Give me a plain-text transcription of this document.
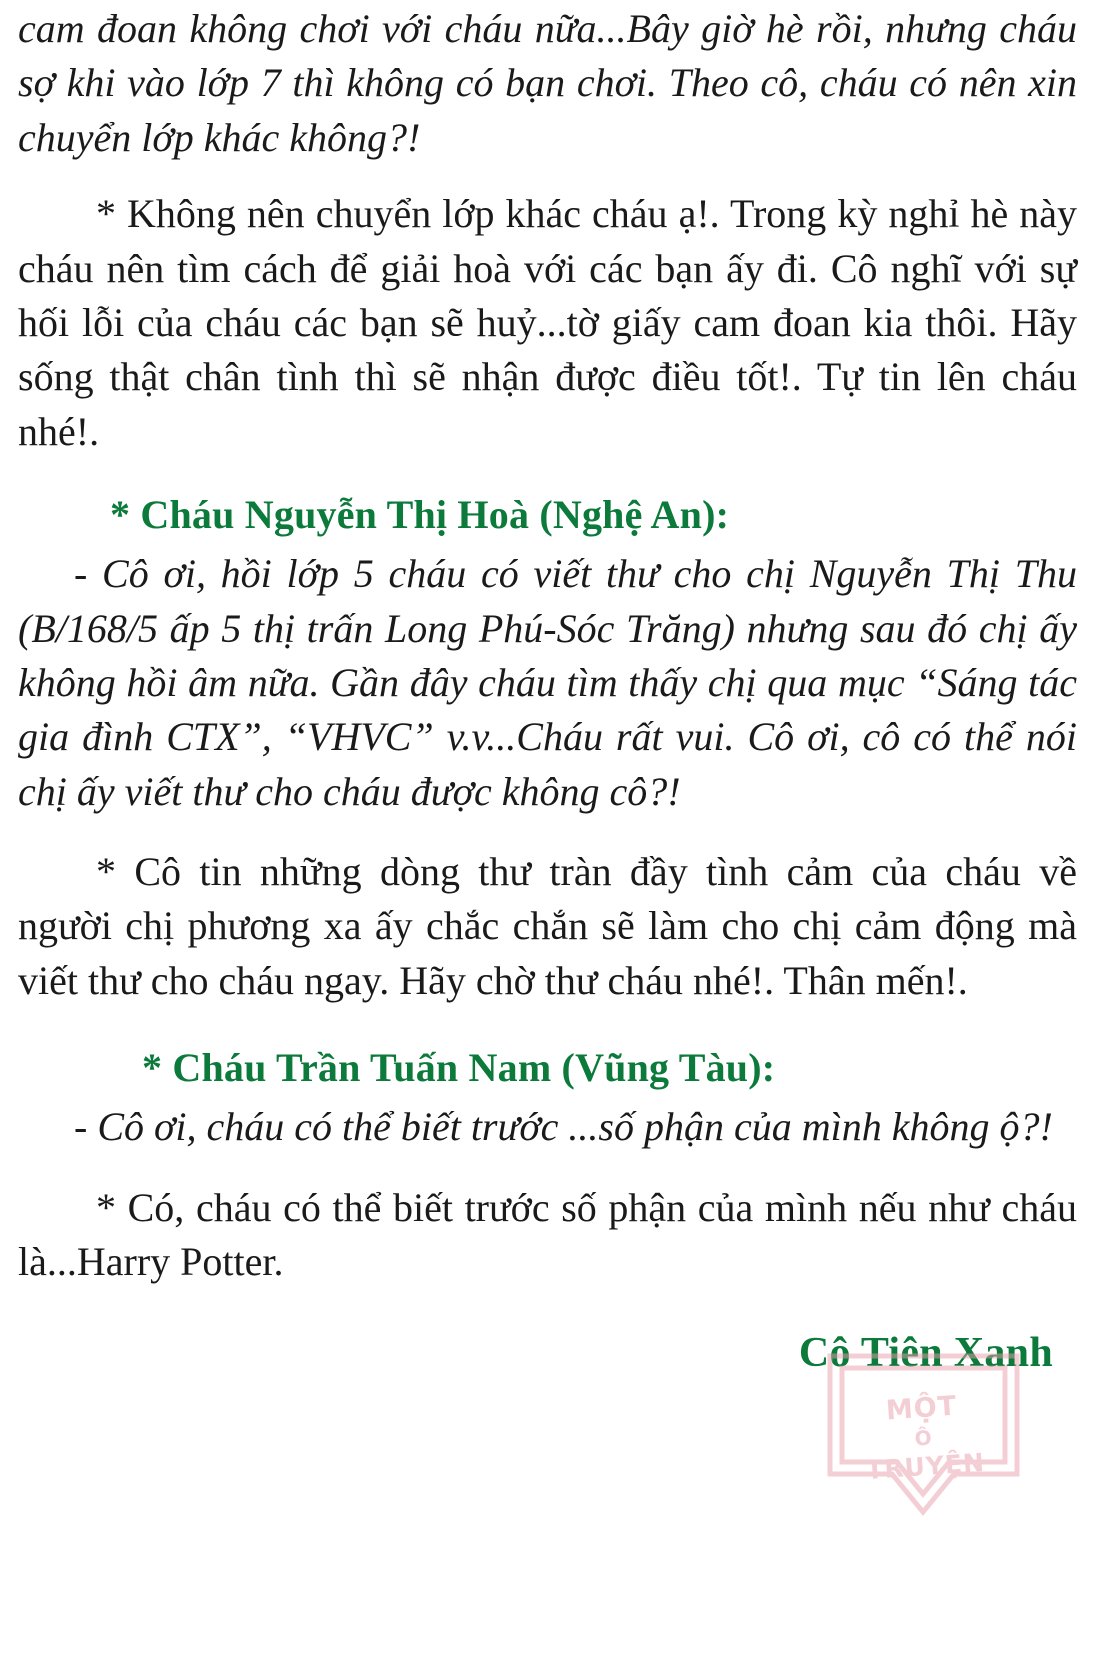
cam đoan không chơi với cháu nữa...Bây giờ hè rồi, nhưng cháu sợ khi vào lớp 7 thì không có bạn chơi. Theo cô, cháu có nên xin chuyển lớp khác không?!

* Không nên chuyển lớp khác cháu ạ!. Trong kỳ nghỉ hè này cháu nên tìm cách để giải hoà với các bạn ấy đi. Cô nghĩ với sự hối lỗi của cháu các bạn sẽ huỷ...tờ giấy cam đoan kia thôi. Hãy sống thật chân tình thì sẽ nhận được điều tốt!. Tự tin lên cháu nhé!.

* Cháu Nguyễn Thị Hoà (Nghệ An):

- Cô ơi, hồi lớp 5 cháu có viết thư cho chị Nguyễn Thị Thu (B/168/5 ấp 5 thị trấn Long Phú-Sóc Trăng) nhưng sau đó chị ấy không hồi âm nữa. Gần đây cháu tìm thấy chị qua mục “Sáng tác gia đình CTX”, “VHVC” v.v...Cháu rất vui. Cô ơi, cô có thể nói chị ấy viết thư cho cháu được không cô?!

* Cô tin những dòng thư tràn đầy tình cảm của cháu về người chị phương xa ấy chắc chắn sẽ làm cho chị cảm động mà viết thư cho cháu ngay. Hãy chờ thư cháu nhé!. Thân mến!.

* Cháu Trần Tuấn Nam (Vũng Tàu):

- Cô ơi, cháu có thể biết trước ...số phận của mình không ộ?!

* Có, cháu có thể biết trước số phận của mình nếu như cháu là...Harry Potter.

Cô Tiên Xanh

MỘT
Ô
TRUYỆN
